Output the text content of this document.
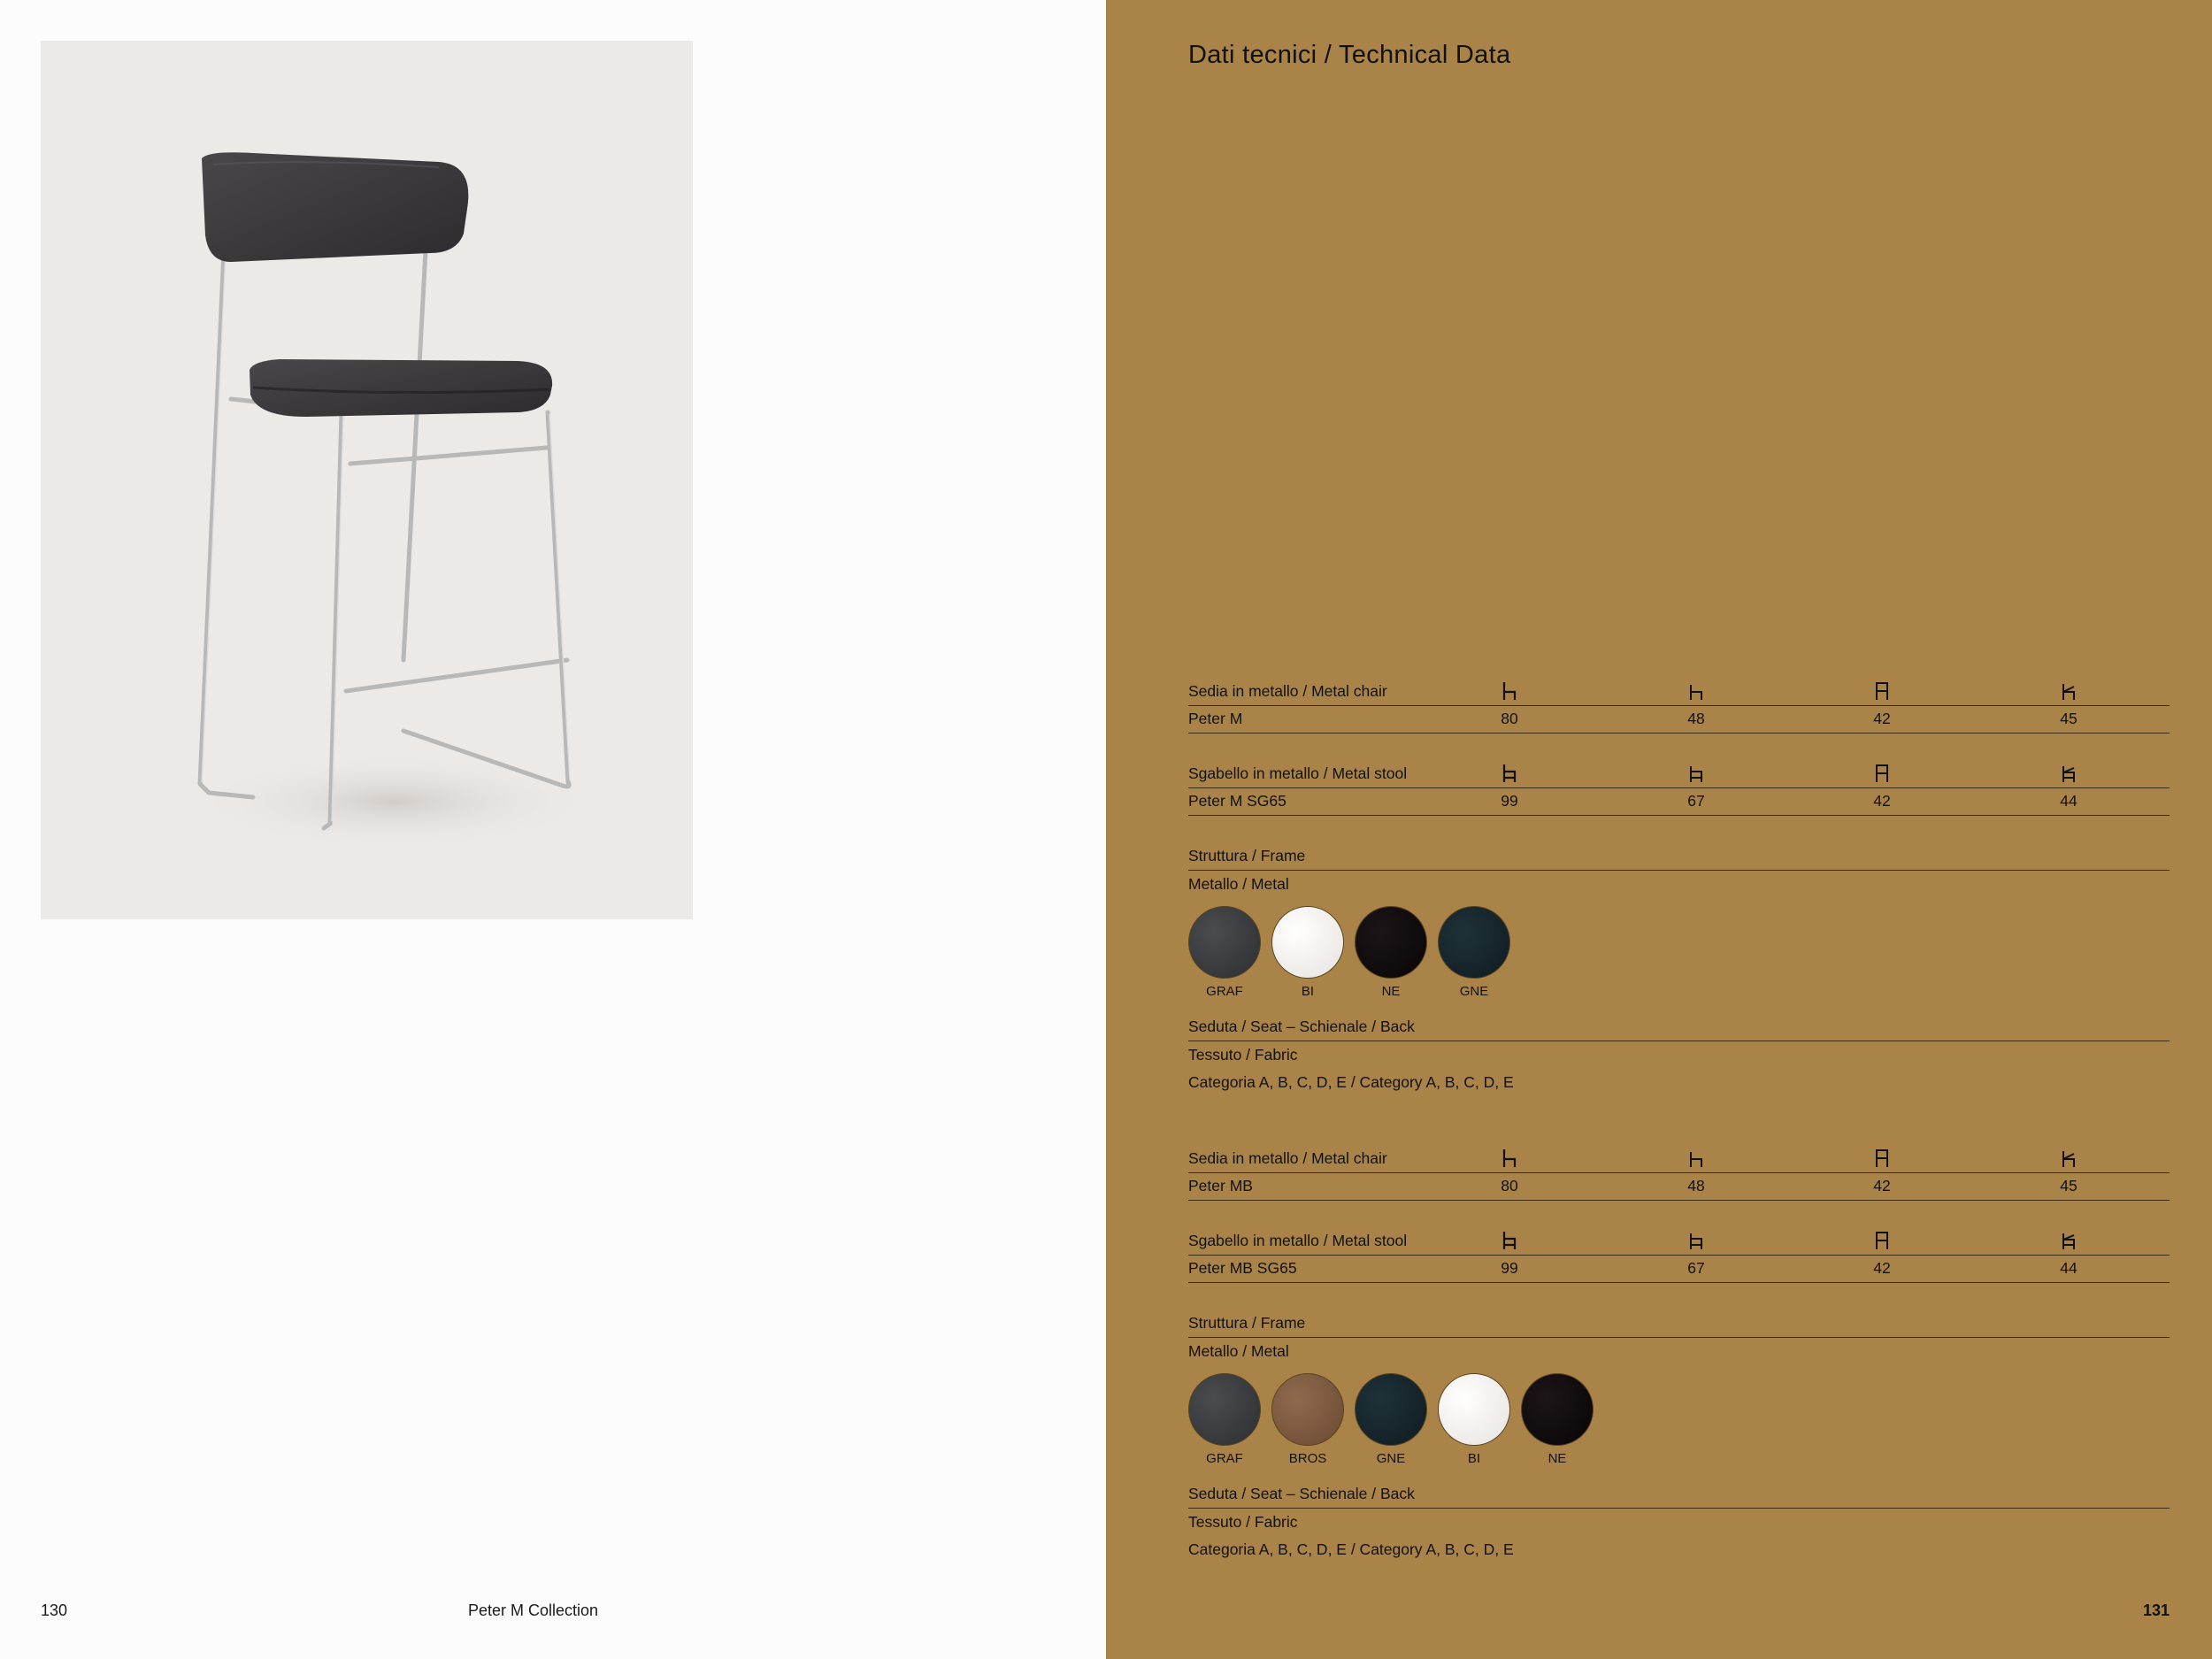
130	Peter M Collection
Dati tecnici / Technical Data
Sedia in metallo / Metal chair
Peter M	80	48	42	45
Sgabello in metallo / Metal stool
Peter M SG65	99	67	42	44
Struttura / Frame
Metallo / Metal
GRAF	BI	NE	GNE
Seduta / Seat – Schienale / Back
Tessuto / Fabric
Categoria A, B, C, D, E / Category A, B, C, D, E
Sedia in metallo / Metal chair
Peter MB	80	48	42	45
Sgabello in metallo / Metal stool
Peter MB SG65	99	67	42	44
Struttura / Frame
Metallo / Metal
GRAF	BROS	GNE	BI	NE
Seduta / Seat – Schienale / Back
Tessuto / Fabric
Categoria A, B, C, D, E / Category A, B, C, D, E
131
